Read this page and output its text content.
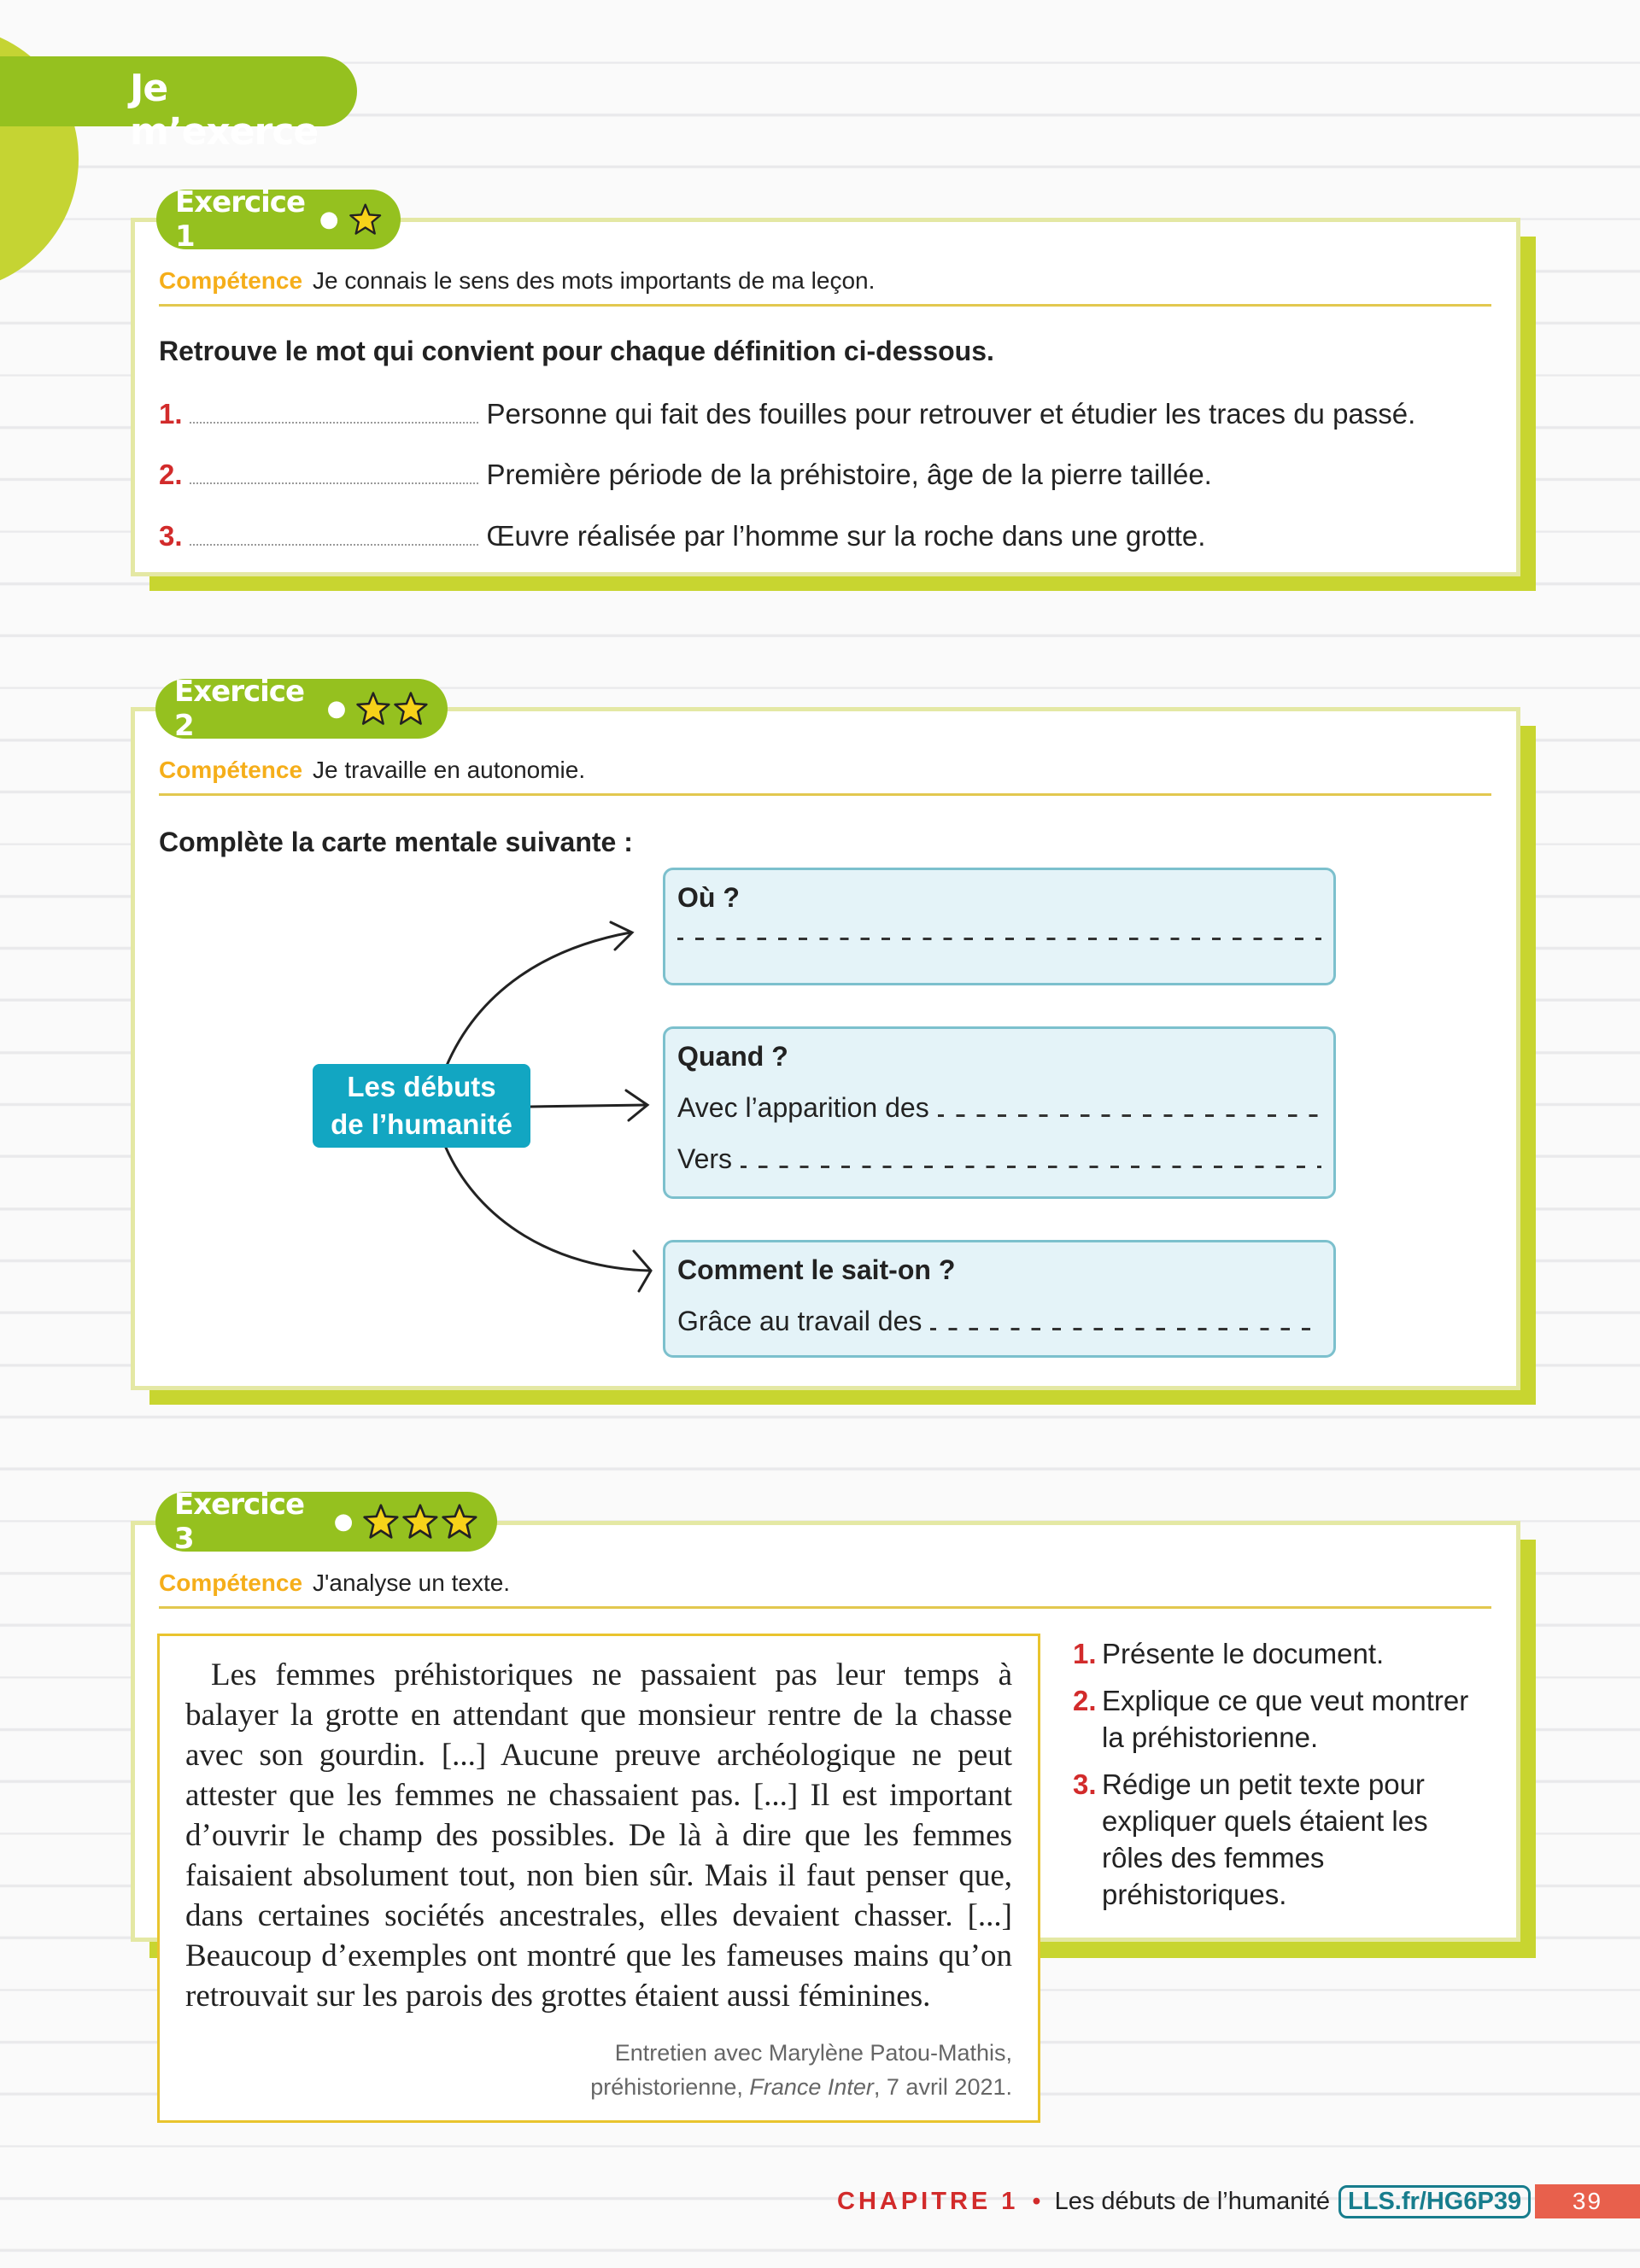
Je m’exerce
Exercice 1	●
Compétence Je connais le sens des mots importants de ma leçon.
Retrouve le mot qui convient pour chaque définition ci-dessous.
1.	Personne qui fait des fouilles pour retrouver et étudier les traces du passé.
2.	Première période de la préhistoire, âge de la pierre taillée.
3.	Œuvre réalisée par l’homme sur la roche dans une grotte.
Exercice 2	●
Compétence Je travaille en autonomie.
Complète la carte mentale suivante :
Les débuts
de l’humanité
Où ?
Quand ?
Avec l’apparition des
Vers
Comment le sait-on ?
Grâce au travail des
Exercice 3	●
Compétence J'analyse un texte.
Les femmes préhistoriques ne passaient pas leur temps à balayer la grotte en attendant que monsieur rentre de la chasse avec son gourdin. [...] Aucune preuve archéologique ne peut attester que les femmes ne chassaient pas. [...] Il est important d’ouvrir le champ des possibles. De là à dire que les femmes faisaient absolument tout, non bien sûr. Mais il faut penser que, dans certaines sociétés ancestrales, elles devaient chasser. [...] Beaucoup d’exemples ont montré que les fameuses mains qu’on retrouvait sur les parois des grottes étaient aussi féminines.
Entretien avec Marylène Patou-Mathis,
préhistorienne, France Inter, 7 avril 2021.
1. Présente le document.
2. Explique ce que veut montrer la préhistorienne.
3. Rédige un petit texte pour expliquer quels étaient les rôles des femmes préhistoriques.
CHAPITRE 1 • Les débuts de l’humanité LLS.fr/HG6P39	39
